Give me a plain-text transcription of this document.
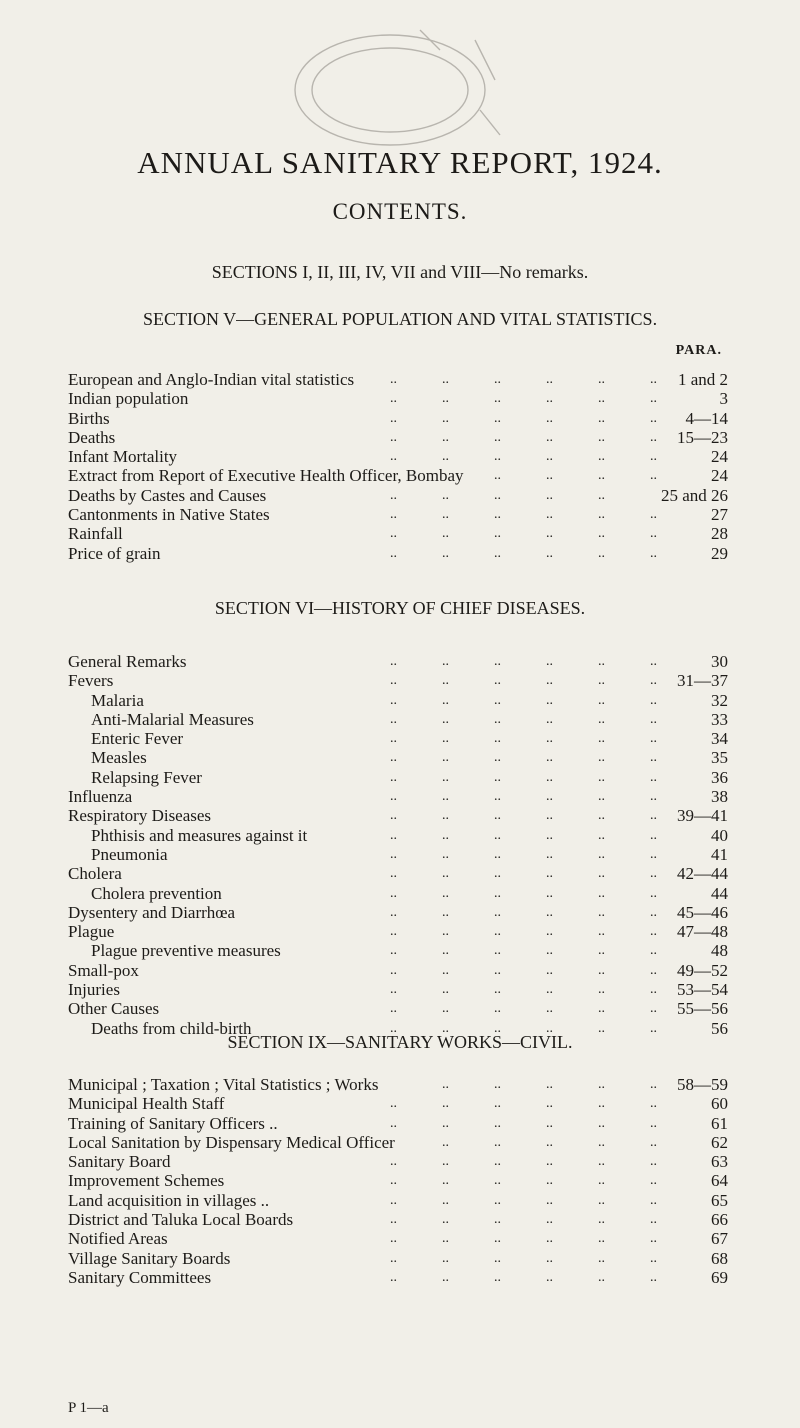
ANNUAL SANITARY REPORT, 1924.
CONTENTS.
SECTIONS I, II, III, IV, VII and VIII—No remarks.
SECTION V—GENERAL POPULATION AND VITAL STATISTICS.
PARA.
European and Anglo-Indian vital statistics	1 and 2
..	..	..	..	..	..
Indian population	3
..	..	..	..	..	..
Births	4—14
..	..	..	..	..	..
Deaths	15—23
..	..	..	..	..	..
Infant Mortality	24
..	..	..	..	..	..
Extract from Report of Executive Health Officer, Bombay	24
..	..	..	..
Deaths by Castes and Causes	25 and 26
..	..	..	..	..
Cantonments in Native States	27
..	..	..	..	..	..
Rainfall	28
..	..	..	..	..	..
Price of grain	29
..	..	..	..	..	..
SECTION VI—HISTORY OF CHIEF DISEASES.
General Remarks	30
..	..	..	..	..	..
Fevers	31—37
..	..	..	..	..	..
Malaria	32
..	..	..	..	..	..
Anti-Malarial Measures	33
..	..	..	..	..	..
Enteric Fever	34
..	..	..	..	..	..
Measles	35
..	..	..	..	..	..
Relapsing Fever	36
..	..	..	..	..	..
Influenza	38
..	..	..	..	..	..
Respiratory Diseases	39—41
..	..	..	..	..	..
Phthisis and measures against it	40
..	..	..	..	..	..
Pneumonia	41
..	..	..	..	..	..
Cholera	42—44
..	..	..	..	..	..
Cholera prevention	44
..	..	..	..	..	..
Dysentery and Diarrhœa	45—46
..	..	..	..	..	..
Plague	47—48
..	..	..	..	..	..
Plague preventive measures	48
..	..	..	..	..	..
Small-pox	49—52
..	..	..	..	..	..
Injuries	53—54
..	..	..	..	..	..
Other Causes	55—56
..	..	..	..	..	..
Deaths from child-birth	56
..	..	..	..	..	..
SECTION IX—SANITARY WORKS—CIVIL.
Municipal ; Taxation ; Vital Statistics ; Works	58—59
..	..	..	..	..
Municipal Health Staff	60
..	..	..	..	..	..
Training of Sanitary Officers ..	61
..	..	..	..	..	..
Local Sanitation by Dispensary Medical Officer	62
..	..	..	..	..
Sanitary Board	63
..	..	..	..	..	..
Improvement Schemes	64
..	..	..	..	..	..
Land acquisition in villages ..	65
..	..	..	..	..	..
District and Taluka Local Boards	66
..	..	..	..	..	..
Notified Areas	67
..	..	..	..	..	..
Village Sanitary Boards	68
..	..	..	..	..	..
Sanitary Committees	69
..	..	..	..	..	..
P 1—a
